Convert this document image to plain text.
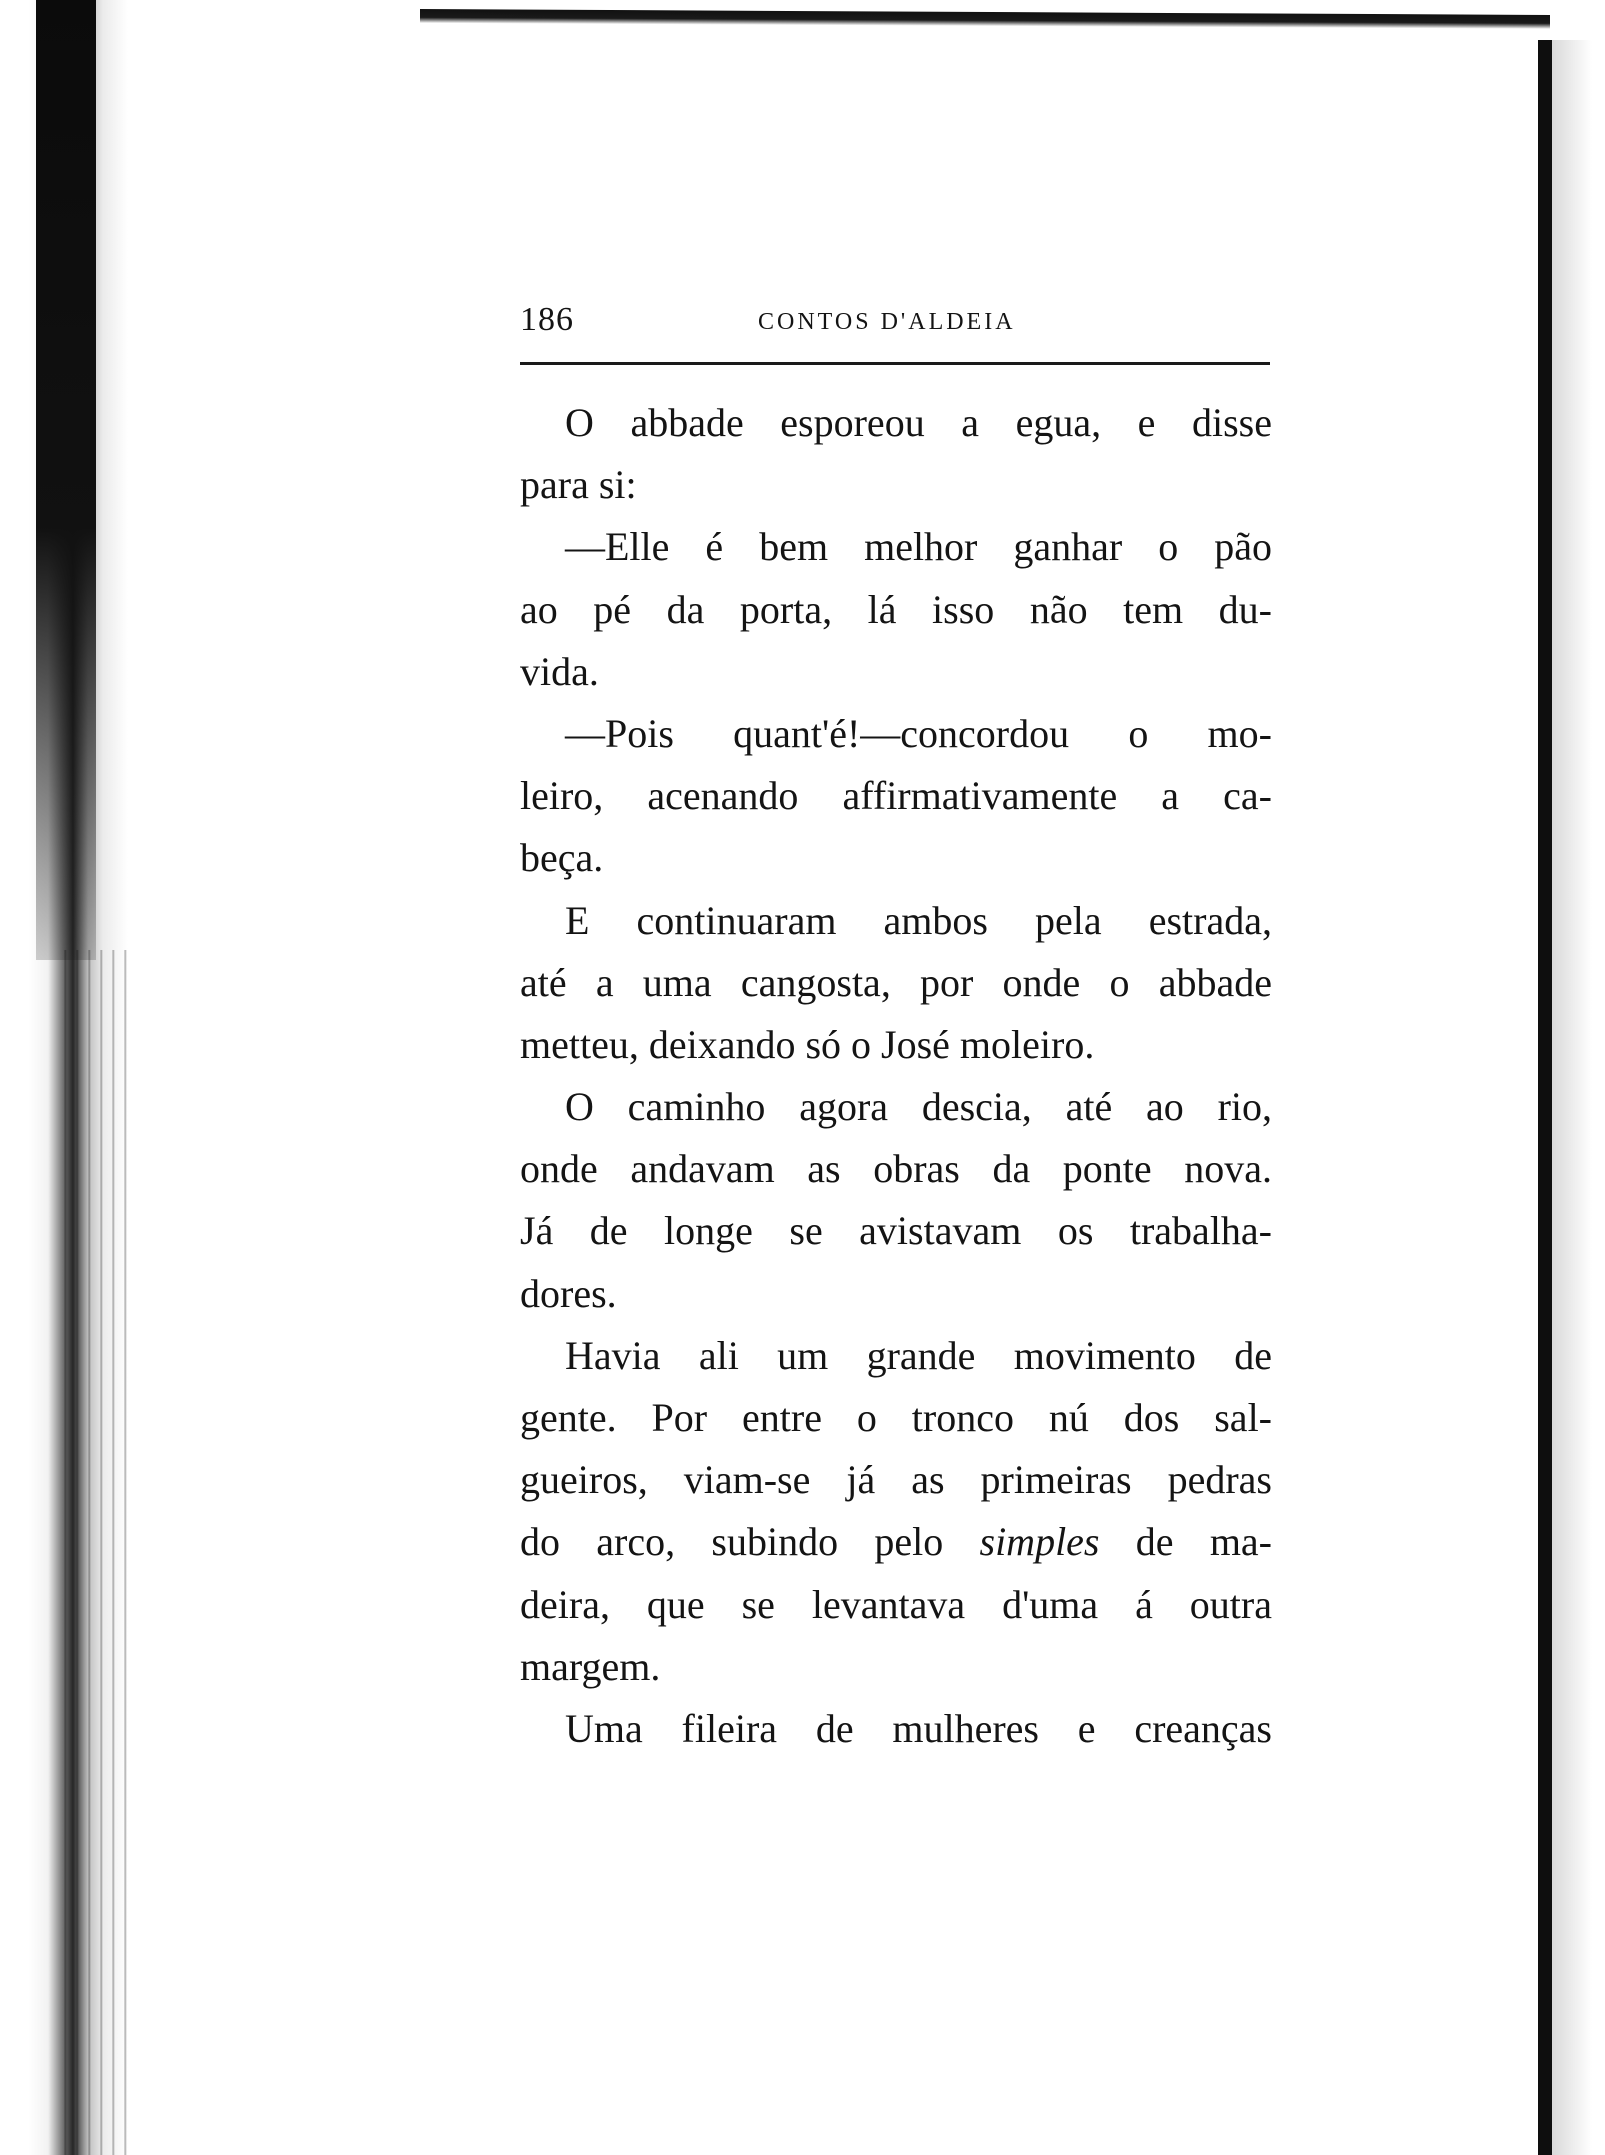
186	CONTOS D'ALDEIA
O abbade esporeou a egua, e disse
para si:
—Elle é bem melhor ganhar o pão
ao pé da porta, lá isso não tem du-
vida.
—Pois quant'é!—concordou o mo-
leiro, acenando affirmativamente a ca-
beça.
E continuaram ambos pela estrada,
até a uma cangosta, por onde o abbade
metteu, deixando só o José moleiro.
O caminho agora descia, até ao rio,
onde andavam as obras da ponte nova.
Já de longe se avistavam os trabalha-
dores.
Havia ali um grande movimento de
gente. Por entre o tronco nú dos sal-
gueiros, viam-se já as primeiras pedras
do arco, subindo pelo simples de ma-
deira, que se levantava d'uma á outra
margem.
Uma fileira de mulheres e creanças
